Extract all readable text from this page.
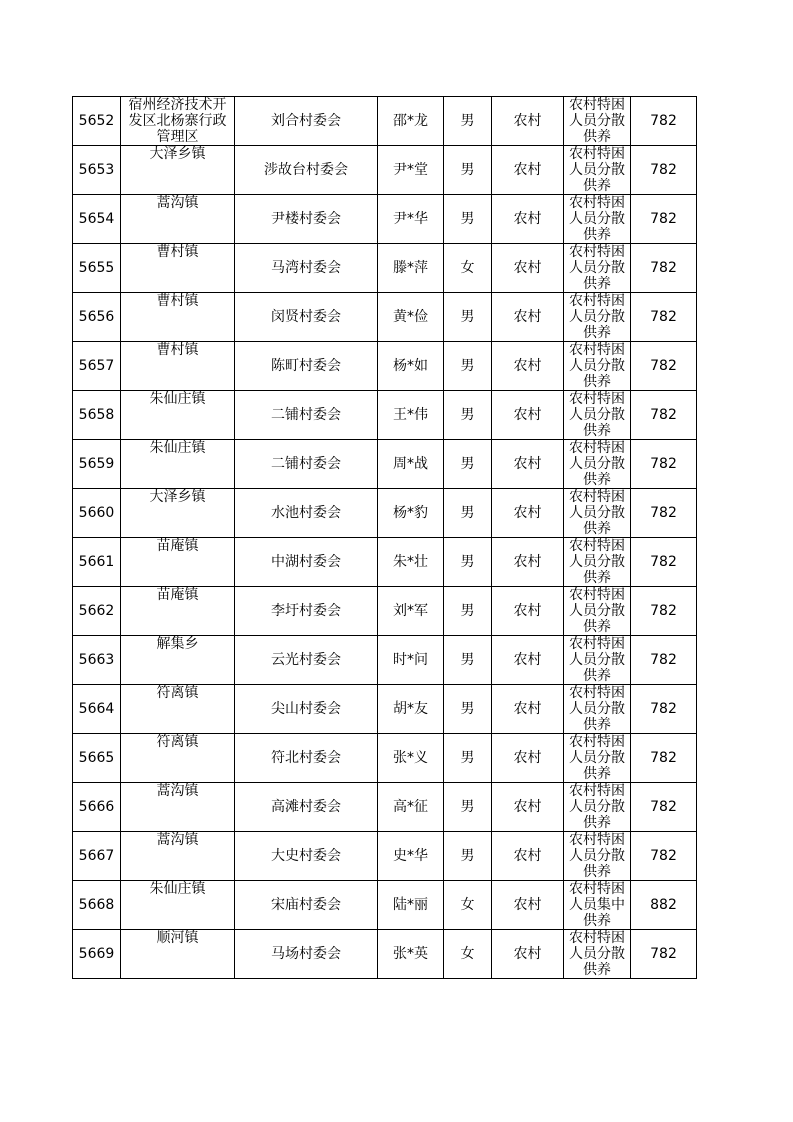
5652	宿州经济技术开发区北杨寨行政管理区	刘合村委会	邵*龙	男	农村	农村特困人员分散供养	782
5653	大泽乡镇	涉故台村委会	尹*堂	男	农村	农村特困人员分散供养	782
5654	蒿沟镇	尹楼村委会	尹*华	男	农村	农村特困人员分散供养	782
5655	曹村镇	马湾村委会	滕*萍	女	农村	农村特困人员分散供养	782
5656	曹村镇	闵贤村委会	黄*俭	男	农村	农村特困人员分散供养	782
5657	曹村镇	陈町村委会	杨*如	男	农村	农村特困人员分散供养	782
5658	朱仙庄镇	二铺村委会	王*伟	男	农村	农村特困人员分散供养	782
5659	朱仙庄镇	二铺村委会	周*战	男	农村	农村特困人员分散供养	782
5660	大泽乡镇	水池村委会	杨*豹	男	农村	农村特困人员分散供养	782
5661	苗庵镇	中湖村委会	朱*壮	男	农村	农村特困人员分散供养	782
5662	苗庵镇	李圩村委会	刘*军	男	农村	农村特困人员分散供养	782
5663	解集乡	云光村委会	时*问	男	农村	农村特困人员分散供养	782
5664	符离镇	尖山村委会	胡*友	男	农村	农村特困人员分散供养	782
5665	符离镇	符北村委会	张*义	男	农村	农村特困人员分散供养	782
5666	蒿沟镇	高滩村委会	高*征	男	农村	农村特困人员分散供养	782
5667	蒿沟镇	大史村委会	史*华	男	农村	农村特困人员分散供养	782
5668	朱仙庄镇	宋庙村委会	陆*丽	女	农村	农村特困人员集中供养	882
5669	顺河镇	马场村委会	张*英	女	农村	农村特困人员分散供养	782
